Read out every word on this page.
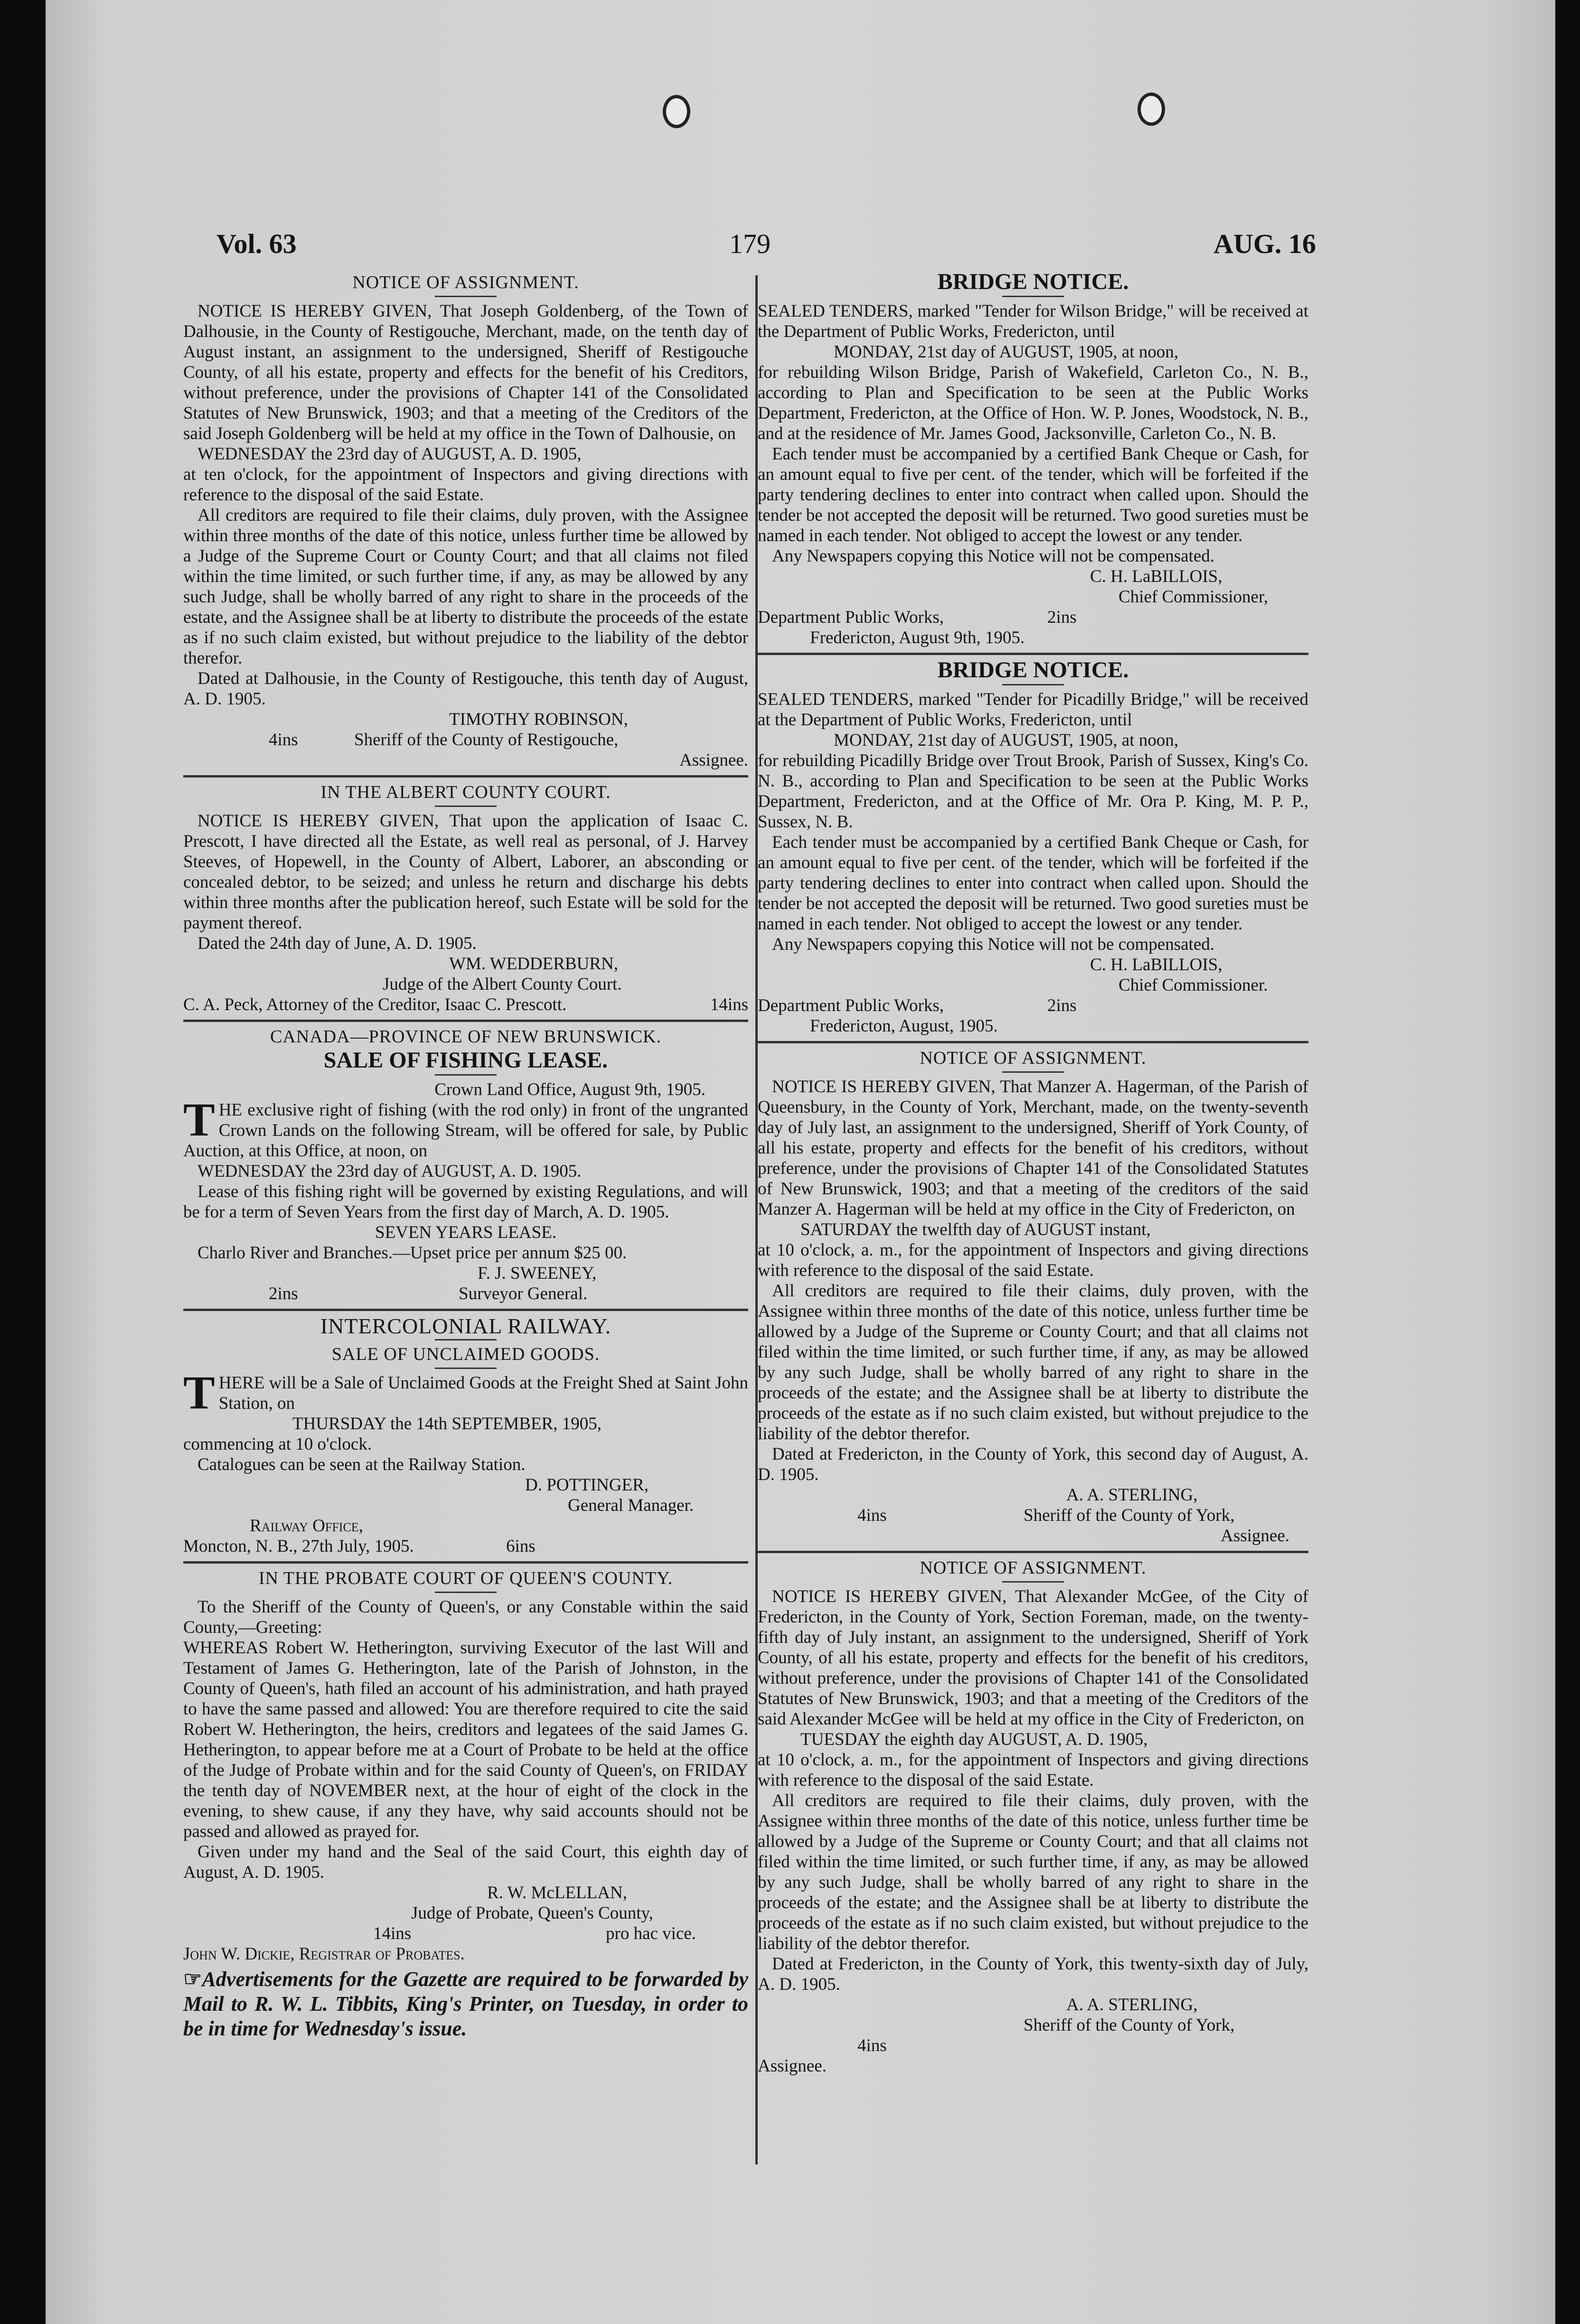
Vol. 63	179	AUG. 16
NOTICE OF ASSIGNMENT.

NOTICE IS HEREBY GIVEN, That Joseph Goldenberg, of the Town of Dalhousie, in the County of Restigouche, Merchant, made, on the tenth day of August instant, an assignment to the undersigned, Sheriff of Restigouche County, of all his estate, property and effects for the benefit of his Creditors, without preference, under the provisions of Chapter 141 of the Consolidated Statutes of New Brunswick, 1903; and that a meeting of the Creditors of the said Joseph Goldenberg will be held at my office in the Town of Dalhousie, on

WEDNESDAY the 23rd day of AUGUST, A. D. 1905,

at ten o'clock, for the appointment of Inspectors and giving directions with reference to the disposal of the said Estate.

All creditors are required to file their claims, duly proven, with the Assignee within three months of the date of this notice, unless further time be allowed by a Judge of the Supreme Court or County Court; and that all claims not filed within the time limited, or such further time, if any, as may be allowed by any such Judge, shall be wholly barred of any right to share in the proceeds of the estate, and the Assignee shall be at liberty to distribute the proceeds of the estate as if no such claim existed, but without prejudice to the liability of the debtor therefor.

Dated at Dalhousie, in the County of Restigouche, this tenth day of August, A. D. 1905.

TIMOTHY ROBINSON,

4ins	Sheriff of the County of Restigouche,

Assignee.

IN THE ALBERT COUNTY COURT.

NOTICE IS HEREBY GIVEN, That upon the application of Isaac C. Prescott, I have directed all the Estate, as well real as personal, of J. Harvey Steeves, of Hopewell, in the County of Albert, Laborer, an absconding or concealed debtor, to be seized; and unless he return and discharge his debts within three months after the publication hereof, such Estate will be sold for the payment thereof.

Dated the 24th day of June, A. D. 1905.

WM. WEDDERBURN,

Judge of the Albert County Court.

C. A. Peck, Attorney of the Creditor, Isaac C. Prescott.	14ins

CANADA—PROVINCE OF NEW BRUNSWICK.
SALE OF FISHING LEASE.

Crown Land Office, August 9th, 1905.

THE exclusive right of fishing (with the rod only) in front of the ungranted Crown Lands on the following Stream, will be offered for sale, by Public Auction, at this Office, at noon, on

WEDNESDAY the 23rd day of AUGUST, A. D. 1905.

Lease of this fishing right will be governed by existing Regulations, and will be for a term of Seven Years from the first day of March, A. D. 1905.

SEVEN YEARS LEASE.

Charlo River and Branches.—Upset price per annum $25 00.

F. J. SWEENEY,

2ins	Surveyor General.

INTERCOLONIAL RAILWAY.
SALE OF UNCLAIMED GOODS.

THERE will be a Sale of Unclaimed Goods at the Freight Shed at Saint John Station, on

THURSDAY the 14th SEPTEMBER, 1905,

commencing at 10 o'clock.

Catalogues can be seen at the Railway Station.

D. POTTINGER,

General Manager.

Railway Office,

Moncton, N. B., 27th July, 1905.	6ins

IN THE PROBATE COURT OF QUEEN'S COUNTY.

To the Sheriff of the County of Queen's, or any Constable within the said County,—Greeting:

WHEREAS Robert W. Hetherington, surviving Executor of the last Will and Testament of James G. Hetherington, late of the Parish of Johnston, in the County of Queen's, hath filed an account of his administration, and hath prayed to have the same passed and allowed: You are therefore required to cite the said Robert W. Hetherington, the heirs, creditors and legatees of the said James G. Hetherington, to appear before me at a Court of Probate to be held at the office of the Judge of Probate within and for the said County of Queen's, on FRIDAY the tenth day of NOVEMBER next, at the hour of eight of the clock in the evening, to shew cause, if any they have, why said accounts should not be passed and allowed as prayed for.

Given under my hand and the Seal of the said Court, this eighth day of August, A. D. 1905.

R. W. McLELLAN,

Judge of Probate, Queen's County,

14ins	pro hac vice.

John W. Dickie, Registrar of Probates.

☞Advertisements for the Gazette are required to be forwarded by Mail to R. W. L. Tibbits, King's Printer, on Tuesday, in order to be in time for Wednesday's issue.

BRIDGE NOTICE.

SEALED TENDERS, marked "Tender for Wilson Bridge," will be received at the Department of Public Works, Fredericton, until

MONDAY, 21st day of AUGUST, 1905, at noon,

for rebuilding Wilson Bridge, Parish of Wakefield, Carleton Co., N. B., according to Plan and Specification to be seen at the Public Works Department, Fredericton, at the Office of Hon. W. P. Jones, Woodstock, N. B., and at the residence of Mr. James Good, Jacksonville, Carleton Co., N. B.

Each tender must be accompanied by a certified Bank Cheque or Cash, for an amount equal to five per cent. of the tender, which will be forfeited if the party tendering declines to enter into contract when called upon. Should the tender be not accepted the deposit will be returned. Two good sureties must be named in each tender. Not obliged to accept the lowest or any tender.

Any Newspapers copying this Notice will not be compensated.

C. H. LaBILLOIS,

Chief Commissioner,

Department Public Works,	2ins

Fredericton, August 9th, 1905.

BRIDGE NOTICE.

SEALED TENDERS, marked "Tender for Picadilly Bridge," will be received at the Department of Public Works, Fredericton, until

MONDAY, 21st day of AUGUST, 1905, at noon,

for rebuilding Picadilly Bridge over Trout Brook, Parish of Sussex, King's Co. N. B., according to Plan and Specification to be seen at the Public Works Department, Fredericton, and at the Office of Mr. Ora P. King, M. P. P., Sussex, N. B.

Each tender must be accompanied by a certified Bank Cheque or Cash, for an amount equal to five per cent. of the tender, which will be forfeited if the party tendering declines to enter into contract when called upon. Should the tender be not accepted the deposit will be returned. Two good sureties must be named in each tender. Not obliged to accept the lowest or any tender.

Any Newspapers copying this Notice will not be compensated.

C. H. LaBILLOIS,

Chief Commissioner.

Department Public Works,	2ins

Fredericton, August, 1905.

NOTICE OF ASSIGNMENT.

NOTICE IS HEREBY GIVEN, That Manzer A. Hagerman, of the Parish of Queensbury, in the County of York, Merchant, made, on the twenty-seventh day of July last, an assignment to the undersigned, Sheriff of York County, of all his estate, property and effects for the benefit of his creditors, without preference, under the provisions of Chapter 141 of the Consolidated Statutes of New Brunswick, 1903; and that a meeting of the creditors of the said Manzer A. Hagerman will be held at my office in the City of Fredericton, on

SATURDAY the twelfth day of AUGUST instant,

at 10 o'clock, a. m., for the appointment of Inspectors and giving directions with reference to the disposal of the said Estate.

All creditors are required to file their claims, duly proven, with the Assignee within three months of the date of this notice, unless further time be allowed by a Judge of the Supreme or County Court; and that all claims not filed within the time limited, or such further time, if any, as may be allowed by any such Judge, shall be wholly barred of any right to share in the proceeds of the estate; and the Assignee shall be at liberty to distribute the proceeds of the estate as if no such claim existed, but without prejudice to the liability of the debtor therefor.

Dated at Fredericton, in the County of York, this second day of August, A. D. 1905.

A. A. STERLING,

4ins	Sheriff of the County of York,

Assignee.

NOTICE OF ASSIGNMENT.

NOTICE IS HEREBY GIVEN, That Alexander McGee, of the City of Fredericton, in the County of York, Section Foreman, made, on the twenty-fifth day of July instant, an assignment to the undersigned, Sheriff of York County, of all his estate, property and effects for the benefit of his creditors, without preference, under the provisions of Chapter 141 of the Consolidated Statutes of New Brunswick, 1903; and that a meeting of the Creditors of the said Alexander McGee will be held at my office in the City of Fredericton, on

TUESDAY the eighth day AUGUST, A. D. 1905,

at 10 o'clock, a. m., for the appointment of Inspectors and giving directions with reference to the disposal of the said Estate.

All creditors are required to file their claims, duly proven, with the Assignee within three months of the date of this notice, unless further time be allowed by a Judge of the Supreme or County Court; and that all claims not filed within the time limited, or such further time, if any, as may be allowed by any such Judge, shall be wholly barred of any right to share in the proceeds of the estate; and the Assignee shall be at liberty to distribute the proceeds of the estate as if no such claim existed, but without prejudice to the liability of the debtor therefor.

Dated at Fredericton, in the County of York, this twenty-sixth day of July, A. D. 1905.

A. A. STERLING,

Sheriff of the County of York,

4insAssignee.
